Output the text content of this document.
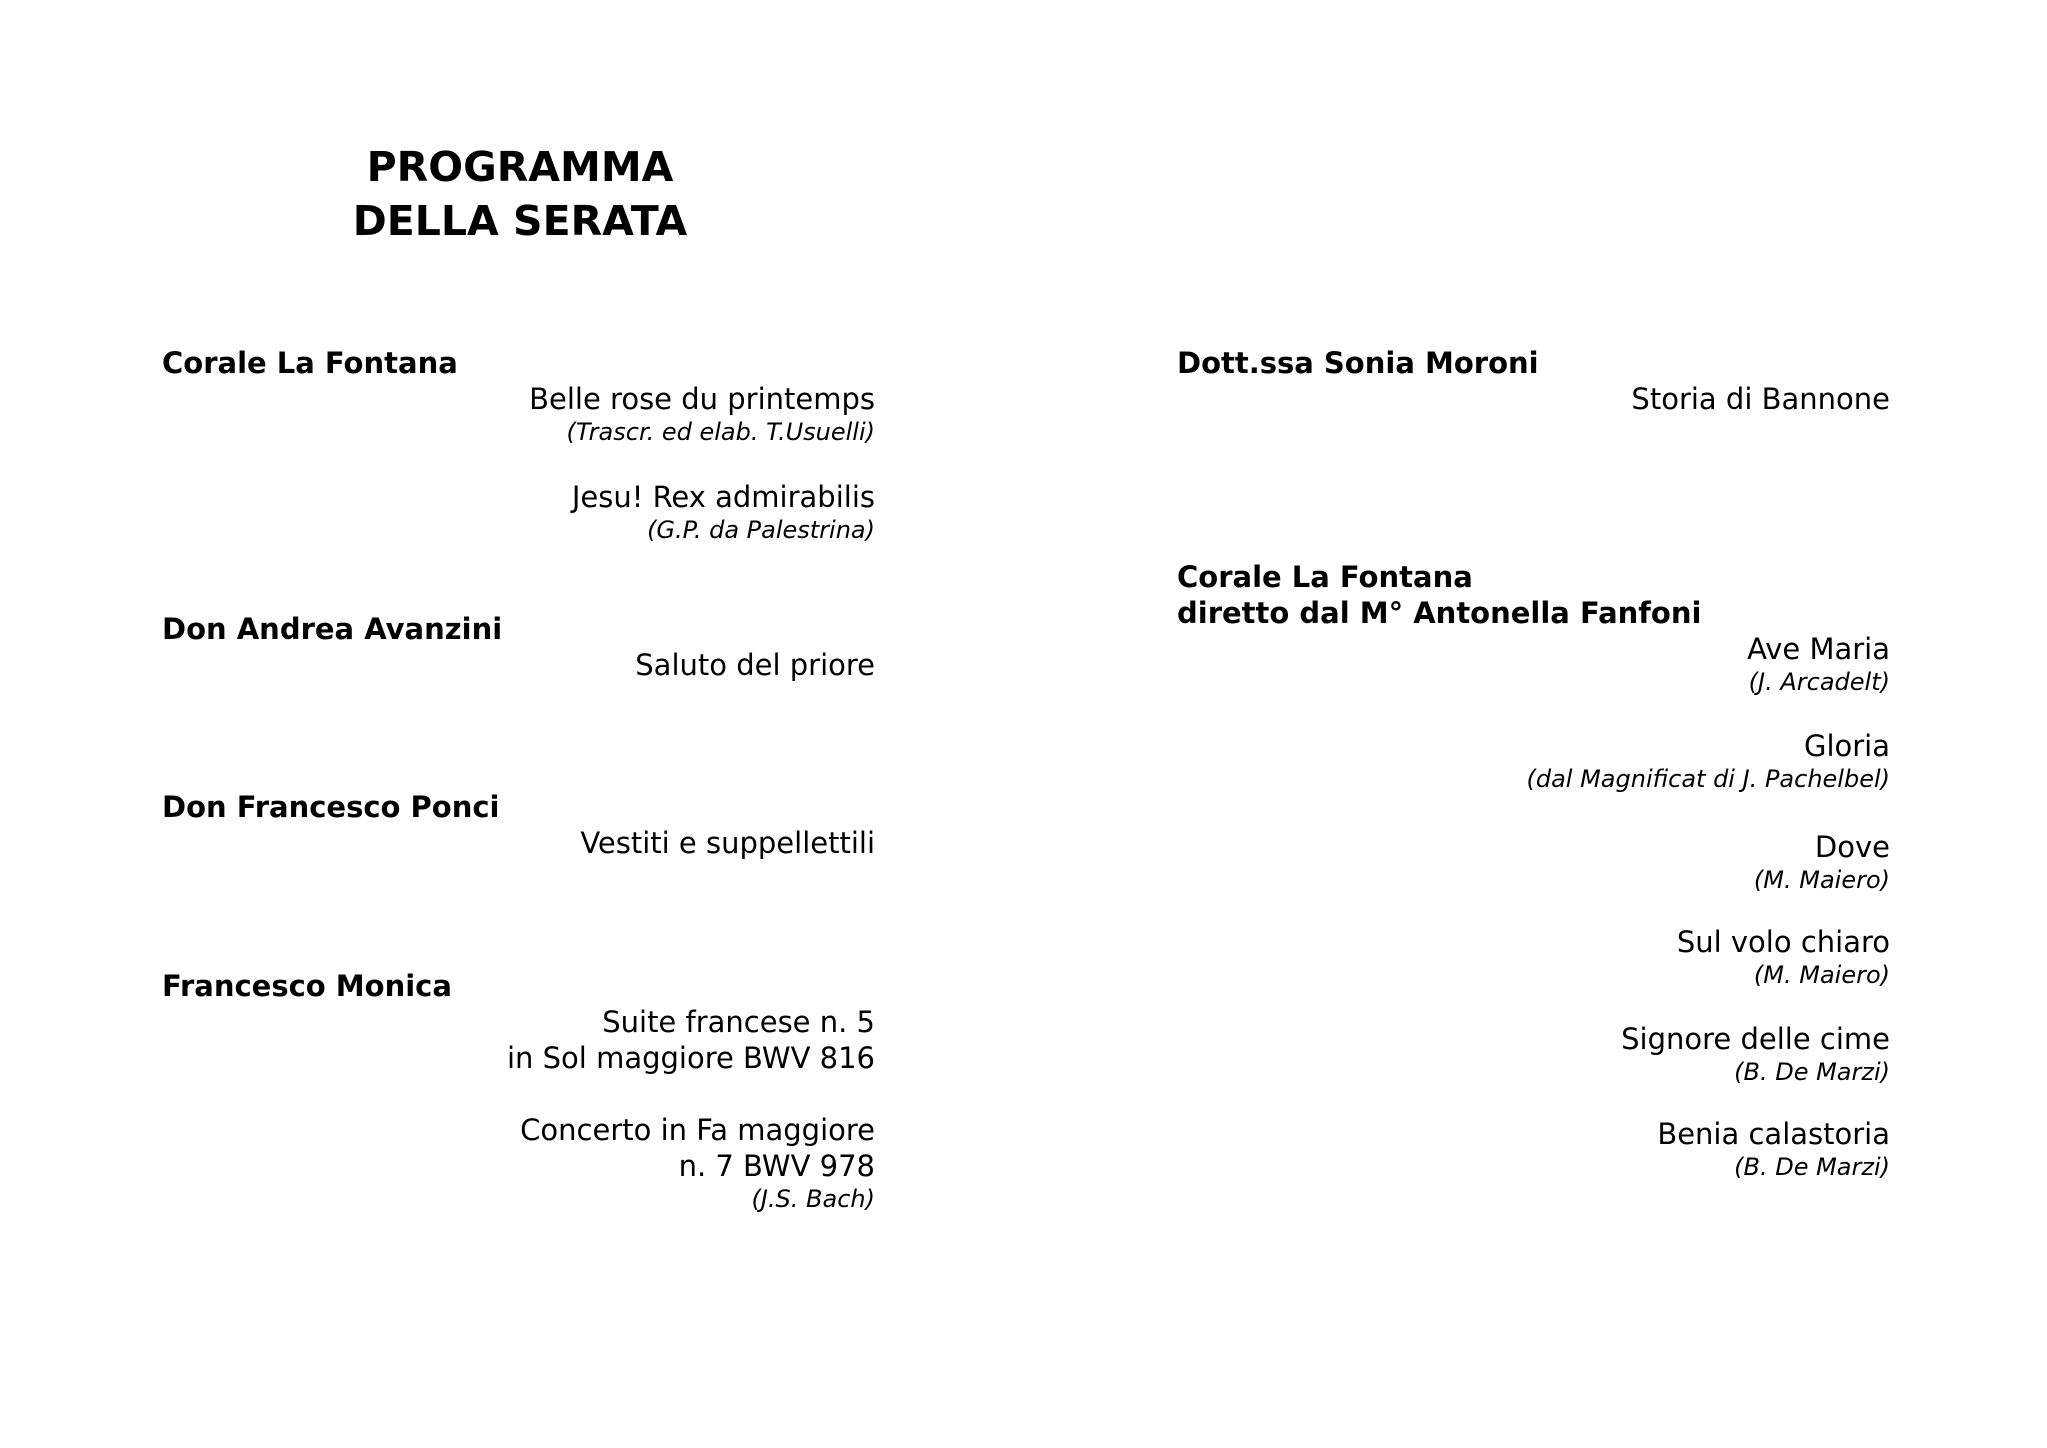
PROGRAMMA
DELLA SERATA
Corale La Fontana
Belle rose du printemps
(Trascr. ed elab. T.Usuelli)
Jesu! Rex admirabilis
(G.P. da Palestrina)
Don Andrea Avanzini
Saluto del priore
Don Francesco Ponci
Vestiti e suppellettili
Francesco Monica
Suite francese n. 5
in Sol maggiore BWV 816
Concerto in Fa maggiore
n. 7 BWV 978
(J.S. Bach)
Dott.ssa Sonia Moroni
Storia di Bannone
Corale La Fontana
diretto dal M° Antonella Fanfoni
Ave Maria
(J. Arcadelt)
Gloria
(dal Magnificat di J. Pachelbel)
Dove
(M. Maiero)
Sul volo chiaro
(M. Maiero)
Signore delle cime
(B. De Marzi)
Benia calastoria
(B. De Marzi)
